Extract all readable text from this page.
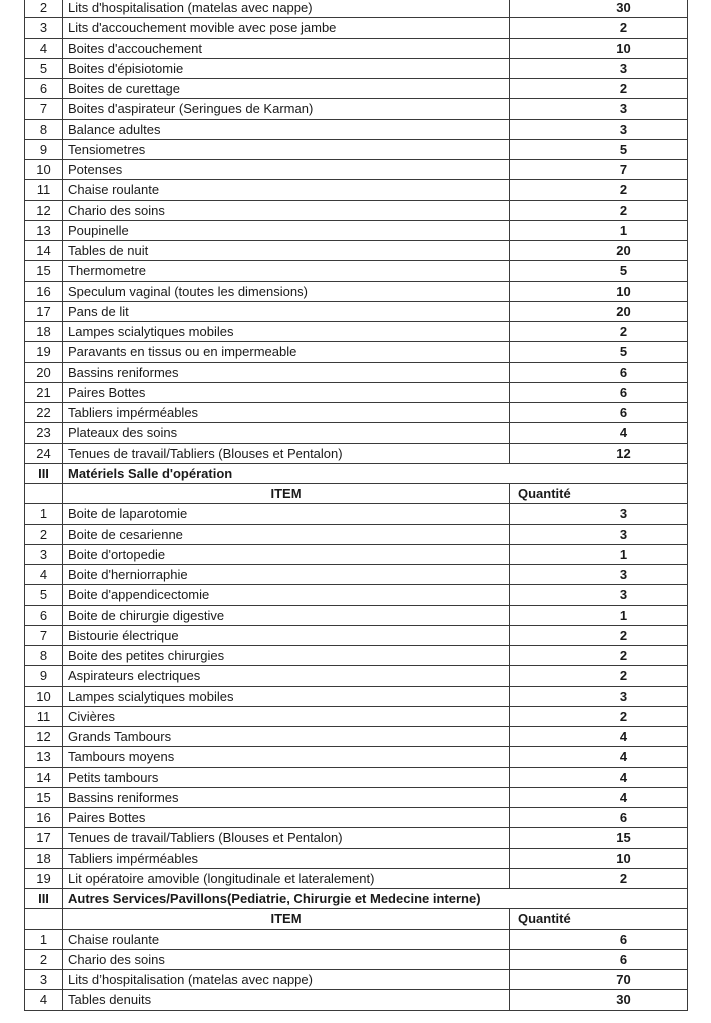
2	Lits d'hospitalisation (matelas avec nappe)	30
3	Lits d'accouchement movible avec pose jambe	2
4	Boites d'accouchement	10
5	Boites d'épisiotomie	3
6	Boites de curettage	2
7	Boites d'aspirateur (Seringues de Karman)	3
8	Balance adultes	3
9	Tensiometres	5
10	Potenses	7
11	Chaise roulante	2
12	Chario des soins	2
13	Poupinelle	1
14	Tables de nuit	20
15	Thermometre	5
16	Speculum vaginal (toutes les dimensions)	10
17	Pans de lit	20
18	Lampes scialytiques mobiles	2
19	Paravants en tissus ou en impermeable	5
20	Bassins reniformes	6
21	Paires Bottes	6
22	Tabliers impérméables	6
23	Plateaux des soins	4
24	Tenues de travail/Tabliers (Blouses et Pentalon)	12
III	Matériels Salle d'opération	
	ITEM	Quantité
1	Boite de laparotomie	3
2	Boite de cesarienne	3
3	Boite d'ortopedie	1
4	Boite d'herniorraphie	3
5	Boite d'appendicectomie	3
6	Boite de chirurgie digestive	1
7	Bistourie électrique	2
8	Boite des petites chirurgies	2
9	Aspirateurs electriques	2
10	Lampes scialytiques mobiles	3
11	Civières	2
12	Grands Tambours	4
13	Tambours moyens	4
14	Petits tambours	4
15	Bassins reniformes	4
16	Paires Bottes	6
17	Tenues de travail/Tabliers (Blouses et Pentalon)	15
18	Tabliers impérméables	10
19	Lit opératoire amovible (longitudinale et lateralement)	2
III	Autres Services/Pavillons(Pediatrie, Chirurgie et Medecine interne)	
	ITEM	Quantité
1	Chaise roulante	6
2	Chario des soins	6
3	Lits d’hospitalisation (matelas avec nappe)	70
4	Tables denuits	30
